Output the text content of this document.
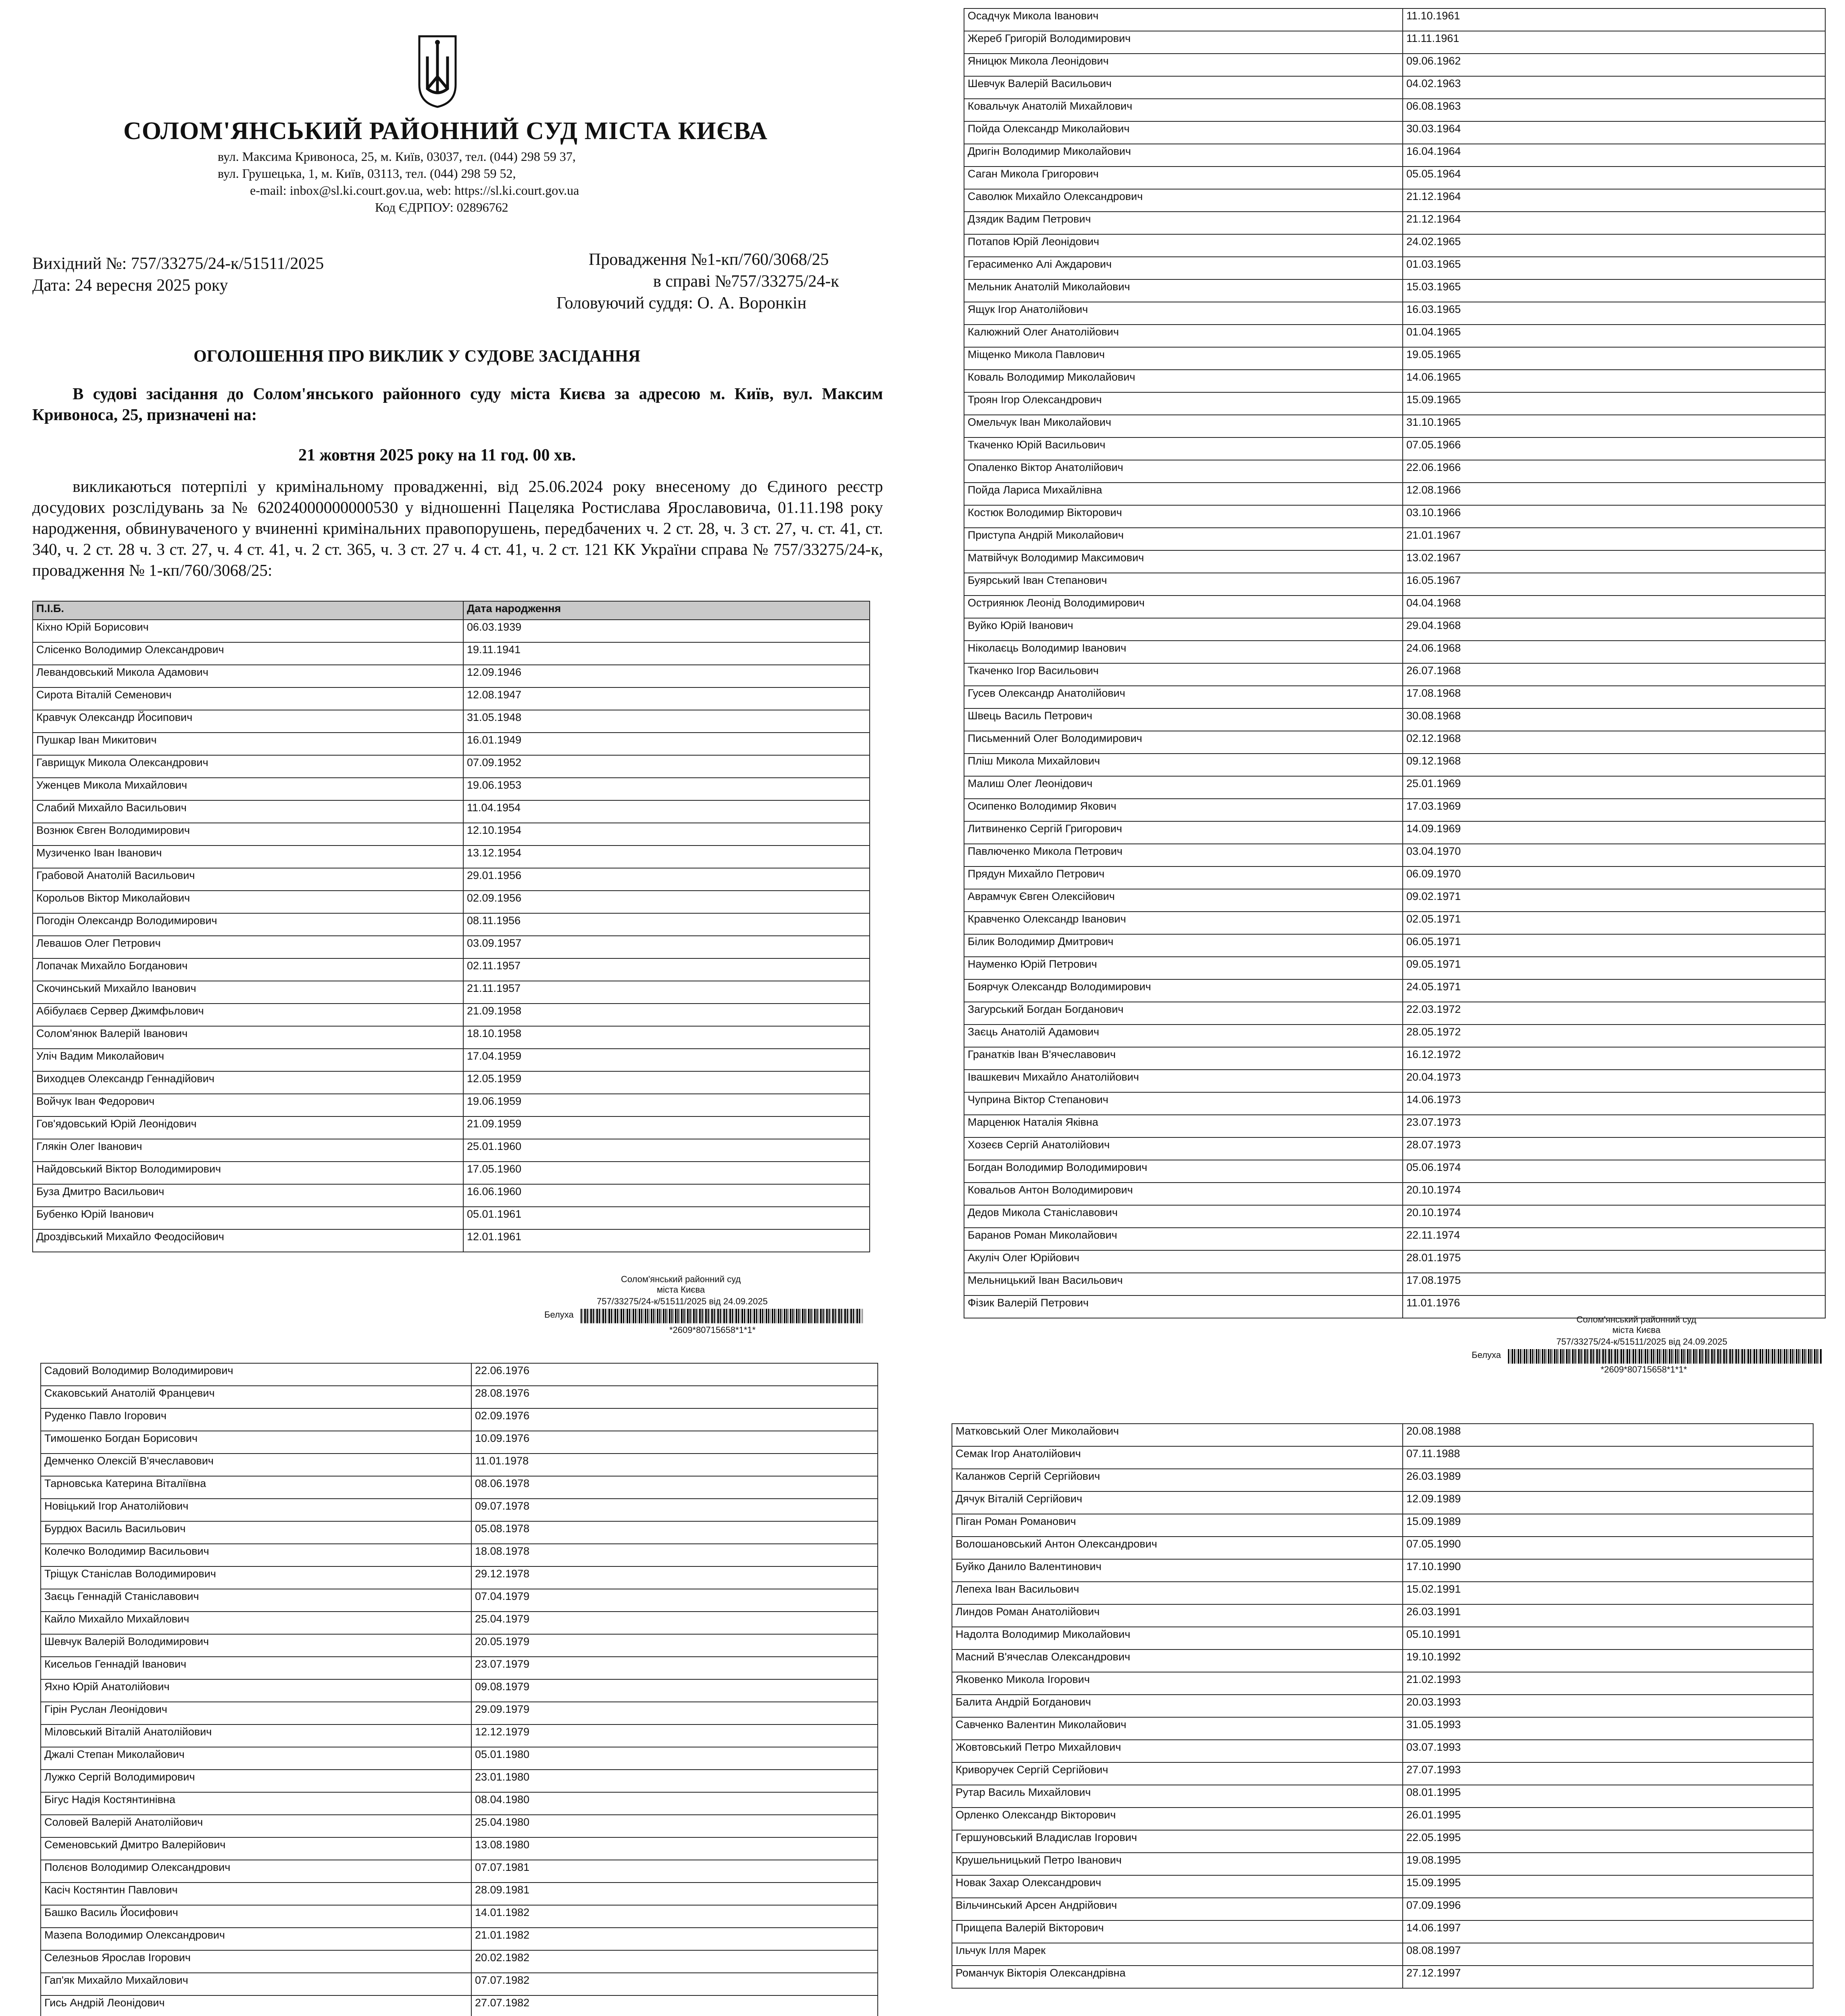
СОЛОМ'ЯНСЬКИЙ РАЙОННИЙ СУД МІСТА КИЄВА
вул. Максима Кривоноса, 25, м. Київ, 03037, тел. (044) 298 59 37,
вул. Грушецька, 1, м. Київ, 03113, тел. (044) 298 59 52,
e-mail: inbox@sl.ki.court.gov.ua, web: https://sl.ki.court.gov.ua
Код ЄДРПОУ: 02896762
Вихідний №: 757/33275/24-к/51511/2025
Дата: 24 вересня 2025 року
Провадження №1-кп/760/3068/25
в справі №757/33275/24-к
Головуючий суддя: О. А. Воронкін
ОГОЛОШЕННЯ ПРО ВИКЛИК У СУДОВЕ ЗАСІДАННЯ
В судові засідання до Солом'янського районного суду міста Києва за адресою м. Київ, вул. Максим Кривоноса, 25, призначені на:
21 жовтня 2025 року на 11 год. 00 хв.
викликаються потерпілі у кримінальному провадженні, від 25.06.2024 року внесеному до Єдиного реєстр досудових розслідувань за № 62024000000000530 у відношенні Пацеляка Ростислава Ярославовича, 01.11.198 року народження, обвинуваченого у вчиненні кримінальних правопорушень, передбачених ч. 2 ст. 28, ч. 3 ст. 27, ч. ст. 41, ст. 340, ч. 2 ст. 28 ч. 3 ст. 27, ч. 4 ст. 41, ч. 2 ст. 365, ч. 3 ст. 27 ч. 4 ст. 41, ч. 2 ст. 121 КК України справа № 757/33275/24-к, провадження № 1-кп/760/3068/25:
П.І.Б.	Дата народження
Кіхно Юрій Борисович	06.03.1939
Слісенко Володимир Олександрович	19.11.1941
Левандовський Микола Адамович	12.09.1946
Сирота Віталій Семенович	12.08.1947
Кравчук Олександр Йосипович	31.05.1948
Пушкар Іван Микитович	16.01.1949
Гаврищук Микола Олександрович	07.09.1952
Уженцев Микола Михайлович	19.06.1953
Слабий Михайло Васильович	11.04.1954
Вознюк Євген Володимирович	12.10.1954
Музиченко Іван Іванович	13.12.1954
Грабовой Анатолій Васильович	29.01.1956
Корольов Віктор Миколайович	02.09.1956
Погодін Олександр Володимирович	08.11.1956
Левашов Олег Петрович	03.09.1957
Лопачак Михайло Богданович	02.11.1957
Скочинський Михайло Іванович	21.11.1957
Абібулаєв Сервер Джимфьлович	21.09.1958
Солом'янюк Валерій Іванович	18.10.1958
Уліч Вадим Миколайович	17.04.1959
Виходцев Олександр Геннадійович	12.05.1959
Войчук Іван Федорович	19.06.1959
Гов'ядовський Юрій Леонідович	21.09.1959
Глякін Олег Іванович	25.01.1960
Найдовський Віктор Володимирович	17.05.1960
Буза Дмитро Васильович	16.06.1960
Бубенко Юрій Іванович	05.01.1961
Дроздівський Михайло Феодосійович	12.01.1961
Солом'янський районний суд
міста Києва
757/33275/24-к/51511/2025 від 24.09.2025
Белуха
*2609*80715658*1*1*
Осадчук Микола Іванович	11.10.1961
Жереб Григорій Володимирович	11.11.1961
Яницюк Микола Леонідович	09.06.1962
Шевчук Валерій Васильович	04.02.1963
Ковальчук Анатолій Михайлович	06.08.1963
Пойда Олександр Миколайович	30.03.1964
Дригін Володимир Миколайович	16.04.1964
Саган Микола Григорович	05.05.1964
Саволюк Михайло Олександрович	21.12.1964
Дзядик Вадим Петрович	21.12.1964
Потапов Юрій Леонідович	24.02.1965
Герасименко Алі Аждарович	01.03.1965
Мельник Анатолій Миколайович	15.03.1965
Ящук Ігор Анатолійович	16.03.1965
Калюжний Олег Анатолійович	01.04.1965
Міщенко Микола Павлович	19.05.1965
Коваль Володимир Миколайович	14.06.1965
Троян Ігор Олександрович	15.09.1965
Омельчук Іван Миколайович	31.10.1965
Ткаченко Юрій Васильович	07.05.1966
Опаленко Віктор Анатолійович	22.06.1966
Пойда Лариса Михайлівна	12.08.1966
Костюк Володимир Вікторович	03.10.1966
Приступа Андрій Миколайович	21.01.1967
Матвійчук Володимир Максимович	13.02.1967
Буярський Іван Степанович	16.05.1967
Остриянюк Леонід Володимирович	04.04.1968
Вуйко Юрій Іванович	29.04.1968
Ніколаєць Володимир Іванович	24.06.1968
Ткаченко Ігор Васильович	26.07.1968
Гусев Олександр Анатолійович	17.08.1968
Швець Василь Петрович	30.08.1968
Письменний Олег Володимирович	02.12.1968
Пліш Микола Михайлович	09.12.1968
Малиш Олег Леонідович	25.01.1969
Осипенко Володимир Якович	17.03.1969
Литвиненко Сергій Григорович	14.09.1969
Павлюченко Микола Петрович	03.04.1970
Прядун Михайло Петрович	06.09.1970
Аврамчук Євген Олексійович	09.02.1971
Кравченко Олександр Іванович	02.05.1971
Білик Володимир Дмитрович	06.05.1971
Науменко Юрій Петрович	09.05.1971
Боярчук Олександр Володимирович	24.05.1971
Загурський Богдан Богданович	22.03.1972
Заєць Анатолій Адамович	28.05.1972
Гранатків Іван В'ячеславович	16.12.1972
Івашкевич Михайло Анатолійович	20.04.1973
Чуприна Віктор Степанович	14.06.1973
Марценюк Наталія Яківна	23.07.1973
Хозеєв Сергій Анатолійович	28.07.1973
Богдан Володимир Володимирович	05.06.1974
Ковальов Антон Володимирович	20.10.1974
Дедов Микола Станіславович	20.10.1974
Баранов Роман Миколайович	22.11.1974
Акуліч Олег Юрійович	28.01.1975
Мельницький Іван Васильович	17.08.1975
Фізик Валерій Петрович	11.01.1976
Солом'янський районний суд
міста Києва
757/33275/24-к/51511/2025 від 24.09.2025
Белуха
*2609*80715658*1*1*
Садовий Володимир Володимирович	22.06.1976
Скаковський Анатолій Францевич	28.08.1976
Руденко Павло Ігорович	02.09.1976
Тимошенко Богдан Борисович	10.09.1976
Демченко Олексій В'ячеславович	11.01.1978
Тарновська Катерина Віталіївна	08.06.1978
Новіцький Ігор Анатолійович	09.07.1978
Бурдюх Василь Васильович	05.08.1978
Колечко Володимир Васильович	18.08.1978
Тріщук Станіслав Володимирович	29.12.1978
Заєць Геннадій Станіславович	07.04.1979
Кайло Михайло Михайлович	25.04.1979
Шевчук Валерій Володимирович	20.05.1979
Кисельов Геннадій Іванович	23.07.1979
Яхно Юрій Анатолійович	09.08.1979
Гірін Руслан Леонідович	29.09.1979
Міловський Віталій Анатолійович	12.12.1979
Джалі Степан Миколайович	05.01.1980
Лужко Сергій Володимирович	23.01.1980
Бігус Надія Костянтинівна	08.04.1980
Соловей Валерій Анатолійович	25.04.1980
Семеновський Дмитро Валерійович	13.08.1980
Полєнов Володимир Олександрович	07.07.1981
Касіч Костянтин Павлович	28.09.1981
Башко Василь Йосифович	14.01.1982
Мазепа Володимир Олександрович	21.01.1982
Селезньов Ярослав Ігорович	20.02.1982
Гап'як Михайло Михайлович	07.07.1982
Гись Андрій Леонідович	27.07.1982

Матковський Олег Миколайович	20.08.1988
Семак Ігор Анатолійович	07.11.1988
Каланжов Сергій Сергійович	26.03.1989
Дячук Віталій Сергійович	12.09.1989
Піган Роман Романович	15.09.1989
Волошановський Антон Олександрович	07.05.1990
Буйко Данило Валентинович	17.10.1990
Лепеха Іван Васильович	15.02.1991
Линдов Роман Анатолійович	26.03.1991
Надолта Володимир Миколайович	05.10.1991
Масний В'ячеслав Олександрович	19.10.1992
Яковенко Микола Ігорович	21.02.1993
Балита Андрій Богданович	20.03.1993
Савченко Валентин Миколайович	31.05.1993
Жовтовський Петро Михайлович	03.07.1993
Криворучек Сергій Сергійович	27.07.1993
Рутар Василь Михайлович	08.01.1995
Орленко Олександр Вікторович	26.01.1995
Гершуновський Владислав Ігорович	22.05.1995
Крушельницький Петро Іванович	19.08.1995
Новак Захар Олександрович	15.09.1995
Вільчинський Арсен Андрійович	07.09.1996
Прищепа Валерій Вікторович	14.06.1997
Ільчук Ілля Марек	08.08.1997
Романчук Вікторія Олександрівна	27.12.1997
